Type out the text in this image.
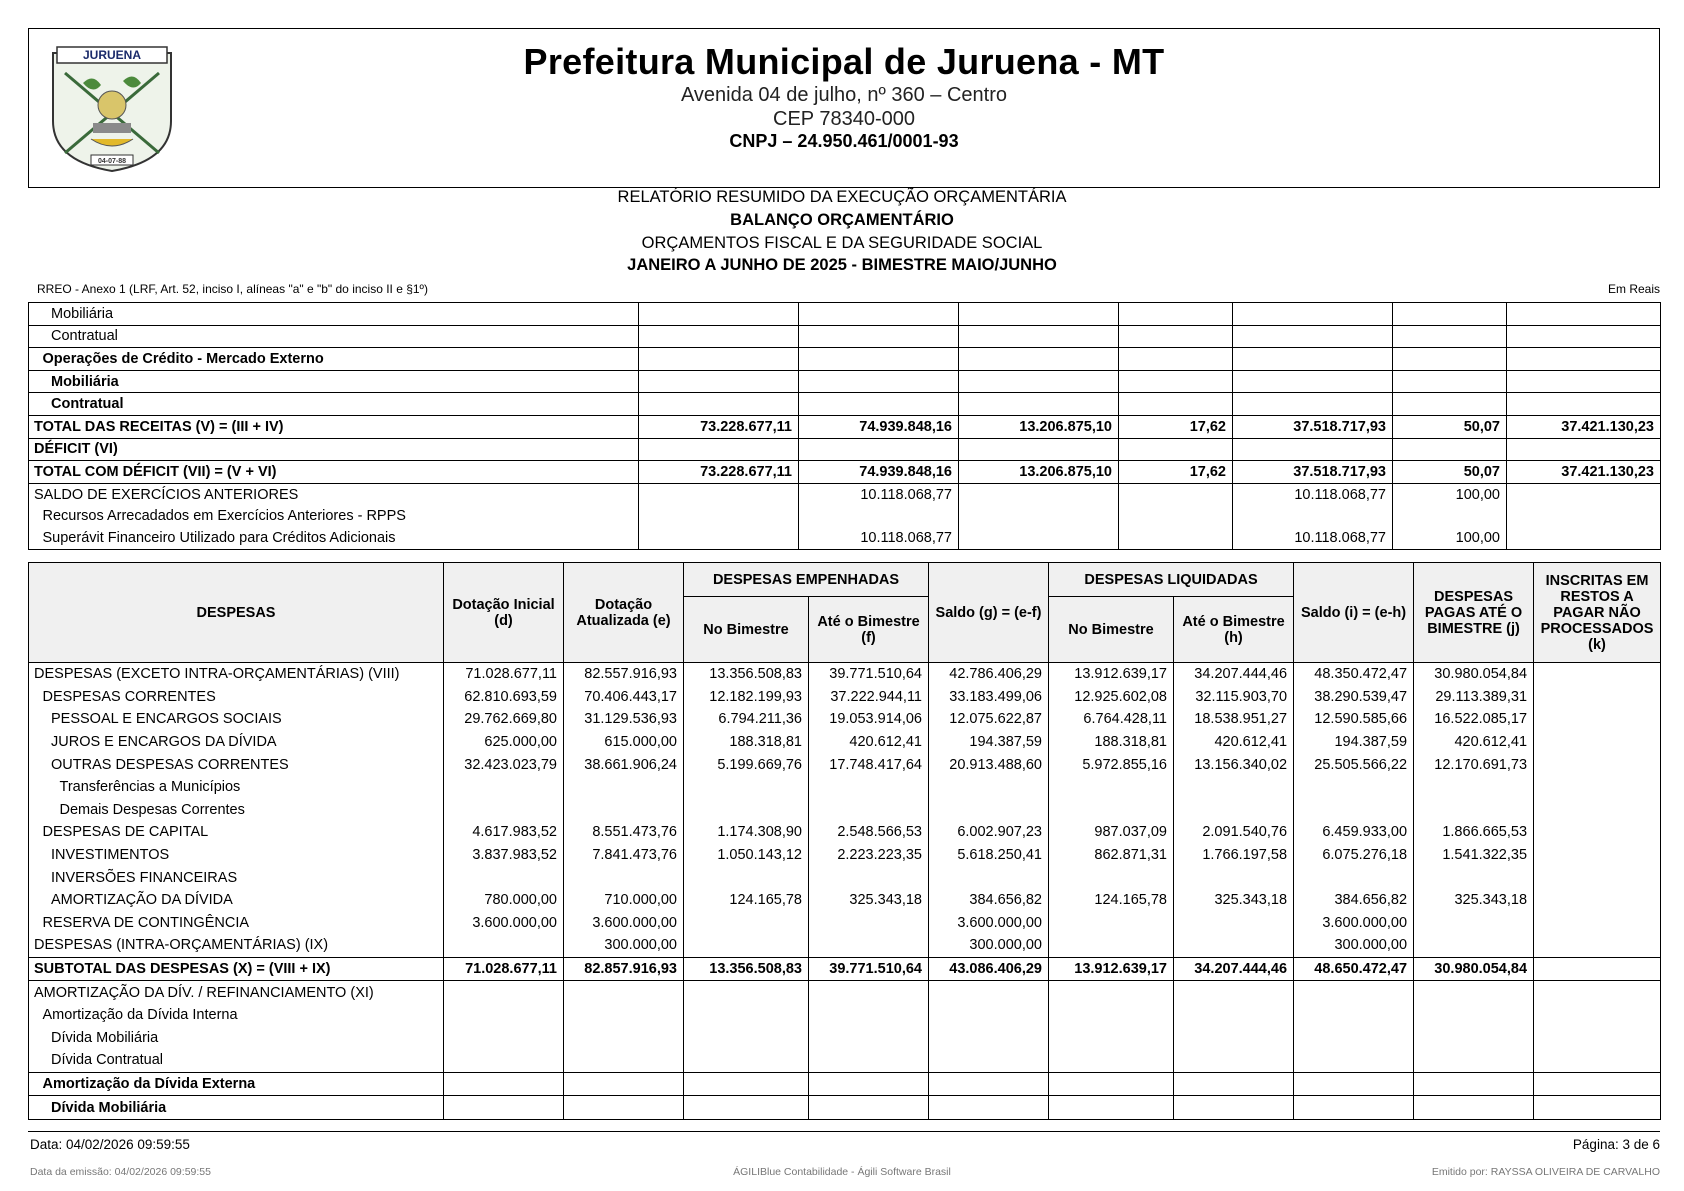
JURUENA
04-07-88
Prefeitura Municipal de Juruena - MT
Avenida 04 de julho, nº 360 – Centro
CEP 78340-000
CNPJ – 24.950.461/0001-93
RELATÓRIO RESUMIDO DA EXECUÇÃO ORÇAMENTÁRIA
BALANÇO ORÇAMENTÁRIO
ORÇAMENTOS FISCAL E DA SEGURIDADE SOCIAL
JANEIRO A JUNHO DE 2025 - BIMESTRE MAIO/JUNHO
RREO - Anexo 1 (LRF, Art. 52, inciso I, alíneas "a" e "b" do inciso II e §1º)	Em Reais
Mobiliária							
Contratual							
Operações de Crédito - Mercado Externo							
Mobiliária							
Contratual							
TOTAL DAS RECEITAS (V) = (III + IV)	73.228.677,11	74.939.848,16	13.206.875,10	17,62	37.518.717,93	50,07	37.421.130,23
DÉFICIT (VI)							
TOTAL COM DÉFICIT (VII) = (V + VI)	73.228.677,11	74.939.848,16	13.206.875,10	17,62	37.518.717,93	50,07	37.421.130,23
SALDO DE EXERCÍCIOS ANTERIORES		10.118.068,77			10.118.068,77	100,00	
Recursos Arrecadados em Exercícios Anteriores - RPPS							
Superávit Financeiro Utilizado para Créditos Adicionais		10.118.068,77			10.118.068,77	100,00	
DESPESAS	Dotação Inicial (d)	Dotação Atualizada (e)	DESPESAS EMPENHADAS		Saldo (g) = (e-f)	DESPESAS LIQUIDADAS		Saldo (i) = (e-h)	DESPESAS PAGAS ATÉ O BIMESTRE (j)	INSCRITAS EM RESTOS A PAGAR NÃO PROCESSADOS (k)
			No Bimestre	Até o Bimestre (f)		No Bimestre	Até o Bimestre (h)			
DESPESAS (EXCETO INTRA-ORÇAMENTÁRIAS) (VIII)	71.028.677,11	82.557.916,93	13.356.508,83	39.771.510,64	42.786.406,29	13.912.639,17	34.207.444,46	48.350.472,47	30.980.054,84	
DESPESAS CORRENTES	62.810.693,59	70.406.443,17	12.182.199,93	37.222.944,11	33.183.499,06	12.925.602,08	32.115.903,70	38.290.539,47	29.113.389,31	
PESSOAL E ENCARGOS SOCIAIS	29.762.669,80	31.129.536,93	6.794.211,36	19.053.914,06	12.075.622,87	6.764.428,11	18.538.951,27	12.590.585,66	16.522.085,17	
JUROS E ENCARGOS DA DÍVIDA	625.000,00	615.000,00	188.318,81	420.612,41	194.387,59	188.318,81	420.612,41	194.387,59	420.612,41	
OUTRAS DESPESAS CORRENTES	32.423.023,79	38.661.906,24	5.199.669,76	17.748.417,64	20.913.488,60	5.972.855,16	13.156.340,02	25.505.566,22	12.170.691,73	
Transferências a Municípios										
Demais Despesas Correntes										
DESPESAS DE CAPITAL	4.617.983,52	8.551.473,76	1.174.308,90	2.548.566,53	6.002.907,23	987.037,09	2.091.540,76	6.459.933,00	1.866.665,53	
INVESTIMENTOS	3.837.983,52	7.841.473,76	1.050.143,12	2.223.223,35	5.618.250,41	862.871,31	1.766.197,58	6.075.276,18	1.541.322,35	
INVERSÕES FINANCEIRAS										
AMORTIZAÇÃO DA DÍVIDA	780.000,00	710.000,00	124.165,78	325.343,18	384.656,82	124.165,78	325.343,18	384.656,82	325.343,18	
RESERVA DE CONTINGÊNCIA	3.600.000,00	3.600.000,00			3.600.000,00			3.600.000,00		
DESPESAS (INTRA-ORÇAMENTÁRIAS) (IX)		300.000,00			300.000,00			300.000,00		
SUBTOTAL DAS DESPESAS (X) = (VIII + IX)	71.028.677,11	82.857.916,93	13.356.508,83	39.771.510,64	43.086.406,29	13.912.639,17	34.207.444,46	48.650.472,47	30.980.054,84	
AMORTIZAÇÃO DA DÍV. / REFINANCIAMENTO (XI)										
Amortização da Dívida Interna										
Dívida Mobiliária										
Dívida Contratual										
Amortização da Dívida Externa										
Dívida Mobiliária										
Data: 04/02/2026 09:59:55	Página: 3 de 6
Data da emissão: 04/02/2026 09:59:55	ÁGILIBlue Contabilidade - Ágili Software Brasil	Emitido por: RAYSSA OLIVEIRA DE CARVALHO
